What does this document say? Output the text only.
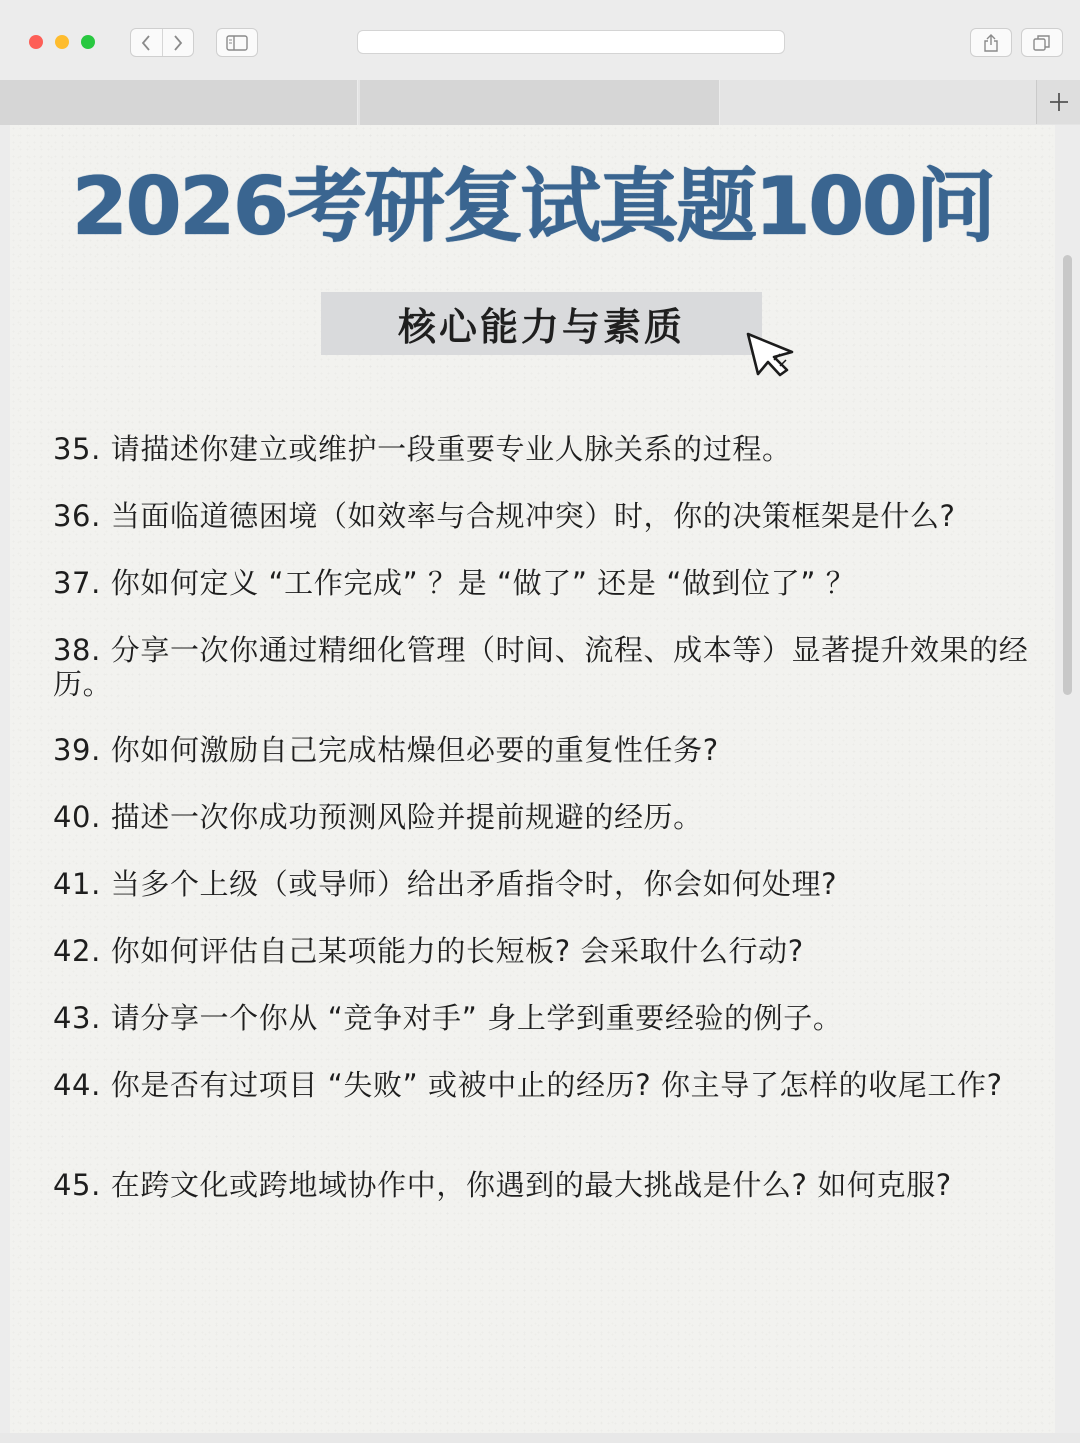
2026考研复试真题100问
核心能力与素质
35. 请描述你建立或维护一段重要专业人脉关系的过程。
36. 当面临道德困境（如效率与合规冲突）时，你的决策框架是什么?
37. 你如何定义 “工作完成” ？是 “做了” 还是 “做到位了” ？
38. 分享一次你通过精细化管理（时间、流程、成本等）显著提升效果的经历。
39. 你如何激励自己完成枯燥但必要的重复性任务?
40. 描述一次你成功预测风险并提前规避的经历。
41. 当多个上级（或导师）给出矛盾指令时，你会如何处理?
42. 你如何评估自己某项能力的长短板? 会采取什么行动?
43. 请分享一个你从 “竞争对手” 身上学到重要经验的例子。
44. 你是否有过项目 “失败” 或被中止的经历? 你主导了怎样的收尾工作?
45. 在跨文化或跨地域协作中，你遇到的最大挑战是什么? 如何克服?
